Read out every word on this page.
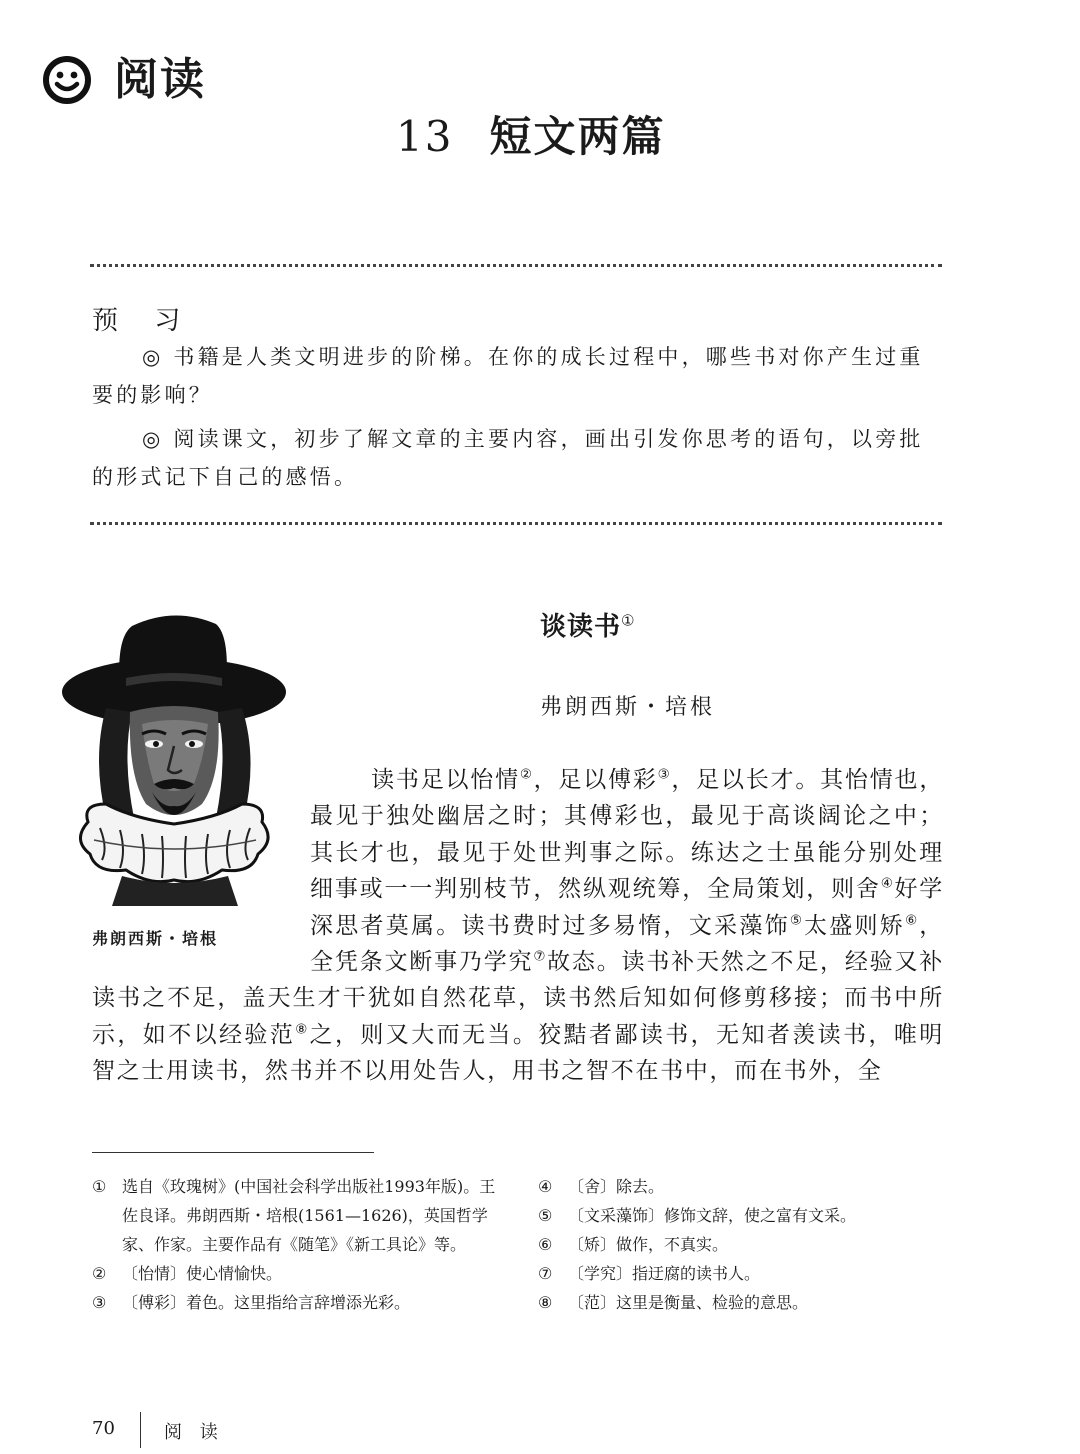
阅读
13 短文两篇
预 习

◎ 书籍是人类文明进步的阶梯。在你的成长过程中，哪些书对你产生过重要的影响？

◎ 阅读课文，初步了解文章的主要内容，画出引发你思考的语句，以旁批的形式记下自己的感悟。

弗朗西斯・培根
谈读书①
弗朗西斯・培根
读书足以怡情②，足以傅彩③，足以长才。其怡情也，最见于独处幽居之时；其傅彩也，最见于高谈阔论之中；其长才也，最见于处世判事之际。练达之士虽能分别处理细事或一一判别枝节，然纵观统筹，全局策划，则舍④好学深思者莫属。读书费时过多易惰，文采藻饰⑤太盛则矫⑥，全凭条文断事乃学究⑦故态。读书补天然之不足，经验又补读书之不足，盖天生才干犹如自然花草，读书然后知如何修剪移接；而书中所示，如不以经验范⑧之，则又大而无当。狡黠者鄙读书，无知者羡读书，唯明智之士用读书，然书并不以用处告人，用书之智不在书中，而在书外，全
① 选自《玫瑰树》(中国社会科学出版社1993年版)。王佐良译。弗朗西斯・培根(1561—1626)，英国哲学家、作家。主要作品有《随笔》《新工具论》等。
② 〔怡情〕使心情愉快。
③ 〔傅彩〕着色。这里指给言辞增添光彩。
④ 〔舍〕除去。
⑤ 〔文采藻饰〕修饰文辞，使之富有文采。
⑥ 〔矫〕做作，不真实。
⑦ 〔学究〕指迂腐的读书人。
⑧ 〔范〕这里是衡量、检验的意思。
70	阅 读
